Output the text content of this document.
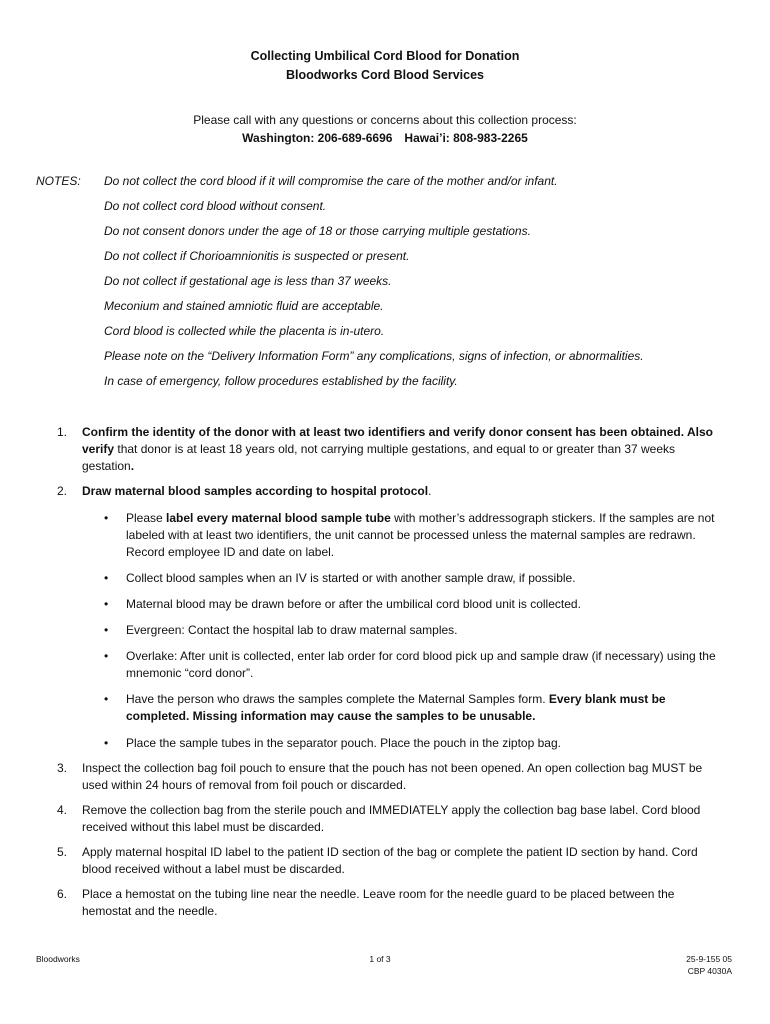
Collecting Umbilical Cord Blood for Donation
Bloodworks Cord Blood Services
Please call with any questions or concerns about this collection process:
Washington: 206-689-6696 Hawai’i: 808-983-2265
NOTES: Do not collect the cord blood if it will compromise the care of the mother and/or infant.
Do not collect cord blood without consent.
Do not consent donors under the age of 18 or those carrying multiple gestations.
Do not collect if Chorioamnionitis is suspected or present.
Do not collect if gestational age is less than 37 weeks.
Meconium and stained amniotic fluid are acceptable.
Cord blood is collected while the placenta is in-utero.
Please note on the “Delivery Information Form” any complications, signs of infection, or abnormalities.
In case of emergency, follow procedures established by the facility.
1.	Confirm the identity of the donor with at least two identifiers and verify donor consent has been obtained. Also verify that donor is at least 18 years old, not carrying multiple gestations, and equal to or greater than 37 weeks gestation.
2.	Draw maternal blood samples according to hospital protocol.
• Please label every maternal blood sample tube with mother’s addressograph stickers. If the samples are not labeled with at least two identifiers, the unit cannot be processed unless the maternal samples are redrawn. Record employee ID and date on label.
• Collect blood samples when an IV is started or with another sample draw, if possible.
• Maternal blood may be drawn before or after the umbilical cord blood unit is collected.
• Evergreen: Contact the hospital lab to draw maternal samples.
• Overlake: After unit is collected, enter lab order for cord blood pick up and sample draw (if necessary) using the mnemonic “cord donor”.
• Have the person who draws the samples complete the Maternal Samples form. Every blank must be completed. Missing information may cause the samples to be unusable.
• Place the sample tubes in the separator pouch. Place the pouch in the ziptop bag.
3.	Inspect the collection bag foil pouch to ensure that the pouch has not been opened. An open collection bag MUST be used within 24 hours of removal from foil pouch or discarded.
4.	Remove the collection bag from the sterile pouch and IMMEDIATELY apply the collection bag base label. Cord blood received without this label must be discarded.
5.	Apply maternal hospital ID label to the patient ID section of the bag or complete the patient ID section by hand. Cord blood received without a label must be discarded.
6.	Place a hemostat on the tubing line near the needle. Leave room for the needle guard to be placed between the hemostat and the needle.
Bloodworks	1 of 3	25-9-155 05
CBP 4030A
